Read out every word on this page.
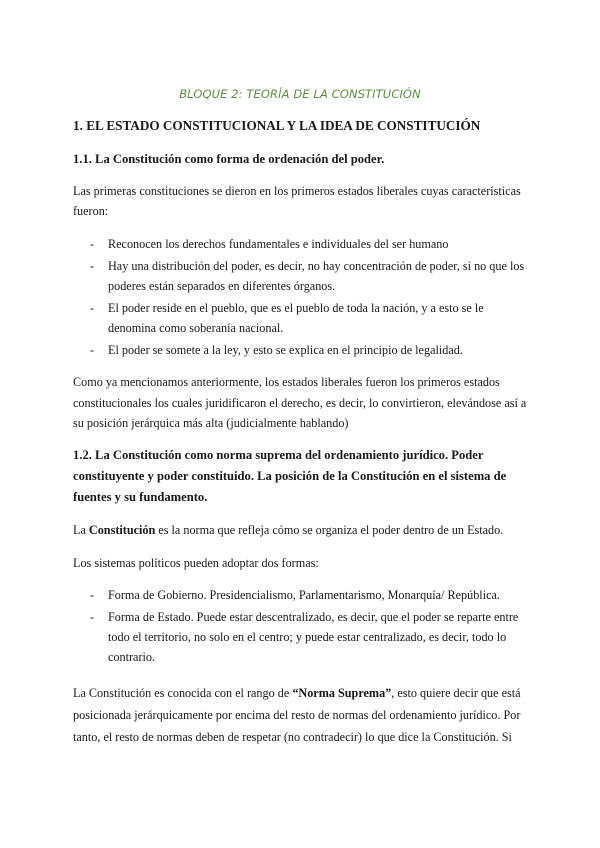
BLOQUE 2: TEORÍA DE LA CONSTITUCIÓN
1. EL ESTADO CONSTITUCIONAL Y LA IDEA DE CONSTITUCIÓN
1.1. La Constitución como forma de ordenación del poder.
Las primeras constituciones se dieron en los primeros estados liberales cuyas características fueron:
- Reconocen los derechos fundamentales e individuales del ser humano
- Hay una distribución del poder, es decir, no hay concentración de poder, si no que los poderes están separados en diferentes órganos.
- El poder reside en el pueblo, que es el pueblo de toda la nación, y a esto se le denomina como soberanía nacional.
- El poder se somete a la ley, y esto se explica en el principio de legalidad.
Como ya mencionamos anteriormente, los estados liberales fueron los primeros estados constitucionales los cuales juridificaron el derecho, es decir, lo convirtieron, elevándose así a su posición jerárquica más alta (judicialmente hablando)
1.2. La Constitución como norma suprema del ordenamiento jurídico. Poder constituyente y poder constituido. La posición de la Constitución en el sistema de fuentes y su fundamento.
La Constitución es la norma que refleja cómo se organiza el poder dentro de un Estado.
Los sistemas políticos pueden adoptar dos formas:
- Forma de Gobierno. Presidencialismo, Parlamentarismo, Monarquía/ República.
- Forma de Estado. Puede estar descentralizado, es decir, que el poder se reparte entre todo el territorio, no solo en el centro; y puede estar centralizado, es decir, todo lo contrario.
La Constitución es conocida con el rango de “Norma Suprema”, esto quiere decir que está posicionada jerárquicamente por encima del resto de normas del ordenamiento jurídico. Por tanto, el resto de normas deben de respetar (no contradecir) lo que dice la Constitución. Si
